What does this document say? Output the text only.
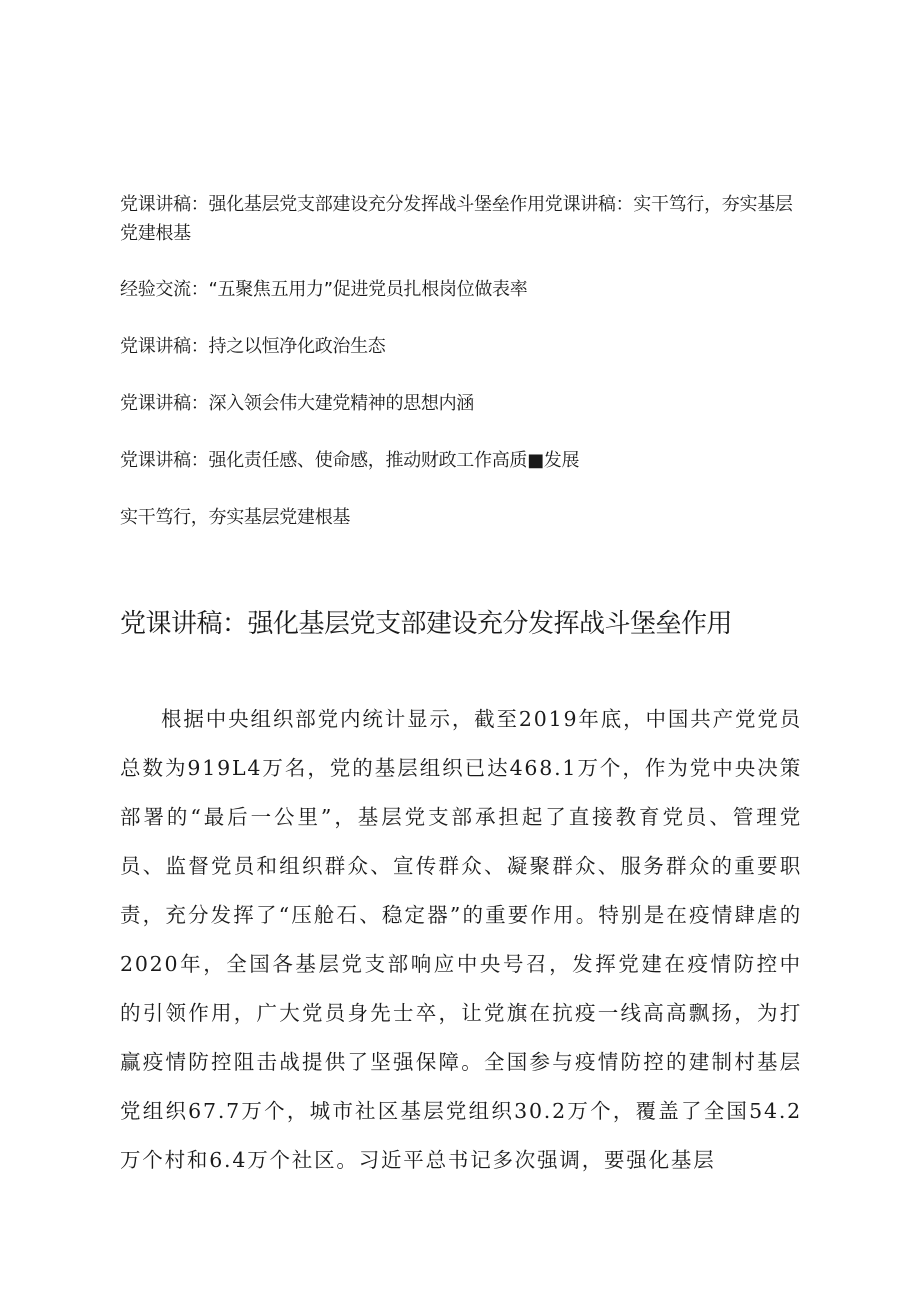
党课讲稿：强化基层党支部建设充分发挥战斗堡垒作用党课讲稿：实干笃行，夯实基层党建根基
经验交流：“五聚焦五用力”促进党员扎根岗位做表率
党课讲稿：持之以恒净化政治生态
党课讲稿：深入领会伟大建党精神的思想内涵
党课讲稿：强化责任感、使命感，推动财政工作高质■发展
实干笃行，夯实基层党建根基
党课讲稿：强化基层党支部建设充分发挥战斗堡垒作用

根据中央组织部党内统计显示，截至2019年底，中国共产党党员总数为919L4万名，党的基层组织已达468.1万个，作为党中央决策部署的“最后一公里”，基层党支部承担起了直接教育党员、管理党员、监督党员和组织群众、宣传群众、凝聚群众、服务群众的重要职责，充分发挥了“压舱石、稳定器”的重要作用。特别是在疫情肆虐的2020年，全国各基层党支部响应中央号召，发挥党建在疫情防控中的引领作用，广大党员身先士卒，让党旗在抗疫一线高高飘扬，为打赢疫情防控阻击战提供了坚强保障。全国参与疫情防控的建制村基层党组织67.7万个，城市社区基层党组织30.2万个，覆盖了全国54.2万个村和6.4万个社区。习近平总书记多次强调，要强化基层
